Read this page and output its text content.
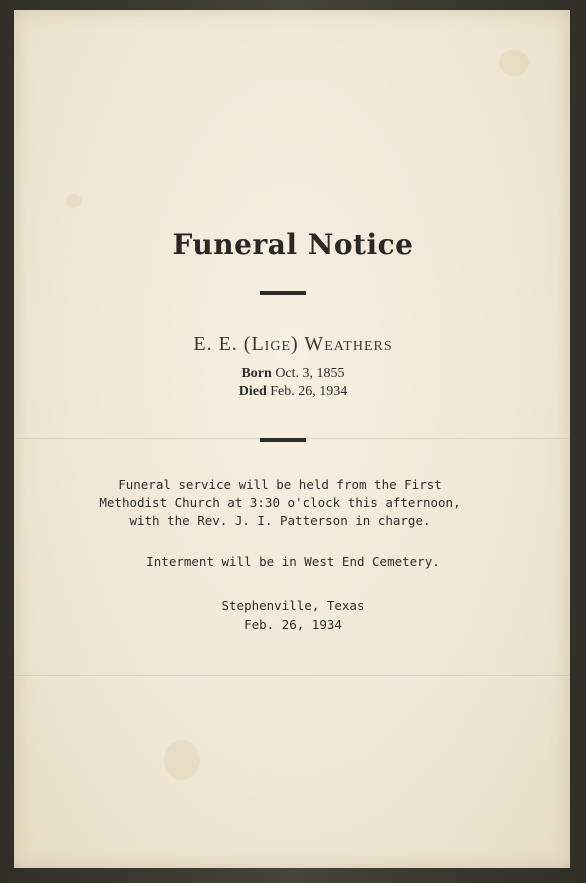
Funeral Notice
E. E. (Lige) Weathers
Born Oct. 3, 1855
Died Feb. 26, 1934
Funeral service will be held from the First
Methodist Church at 3:30 o'clock this afternoon,
with the Rev. J. I. Patterson in charge.
Interment will be in West End Cemetery.
Stephenville, Texas
Feb. 26, 1934
